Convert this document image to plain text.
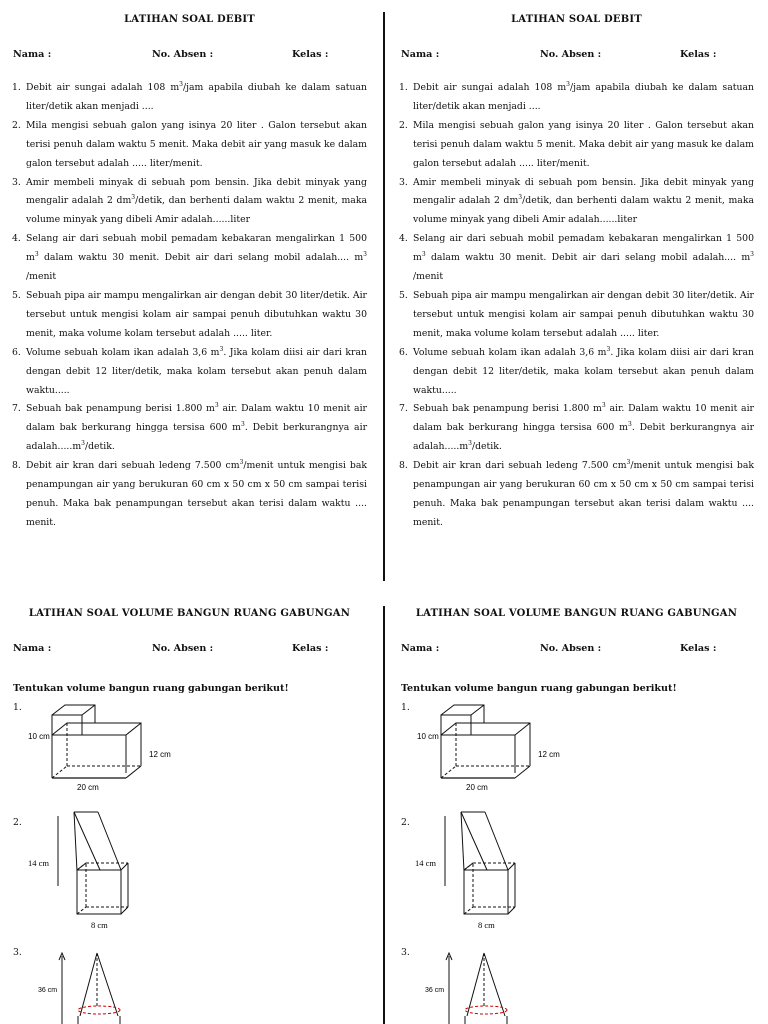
LATIHAN SOAL DEBIT
Nama :	No. Absen :	Kelas :
1. Debit air sungai adalah 108 $m^3$/jam apabila diubah ke dalam satuan liter/detik akan menjadi ....
2. Mila mengisi sebuah galon yang isinya 20 liter . Galon tersebut akan terisi penuh dalam waktu 5 menit. Maka debit air yang masuk ke dalam galon tersebut adalah ..... liter/menit.
3. Amir membeli minyak di sebuah pom bensin. Jika debit minyak yang mengalir adalah 2 $dm^3$/detik, dan berhenti dalam waktu 2 menit, maka volume minyak yang dibeli Amir adalah......liter
4. Selang air dari sebuah mobil pemadam kebakaran mengalirkan 1 500 $m^3$ dalam waktu 30 menit. Debit air dari selang mobil adalah.... $m^3$ /menit
5. Sebuah pipa air mampu mengalirkan air dengan debit 30 liter/detik. Air tersebut untuk mengisi kolam air sampai penuh dibutuhkan waktu 30 menit, maka volume kolam tersebut adalah ..... liter.
6. Volume sebuah kolam ikan adalah 3,6 $m^3$. Jika kolam diisi air dari kran dengan debit 12 liter/detik, maka kolam tersebut akan penuh dalam waktu.....
7. Sebuah bak penampung berisi 1.800 $m^3$ air. Dalam waktu 10 menit air dalam bak berkurang hingga tersisa 600 $m^3$. Debit berkurangnya air $adalah.....m^3$/detik.
8. Debit air kran dari sebuah ledeng 7.500 $cm^3$/menit untuk mengisi bak penampungan air yang berukuran 60 cm x 50 cm x 50 cm sampai terisi penuh. Maka bak penampungan tersebut akan terisi dalam waktu .... menit.
LATIHAN SOAL DEBIT
Nama :	No. Absen :	Kelas :
1. Debit air sungai adalah 108 $m^3$/jam apabila diubah ke dalam satuan liter/detik akan menjadi ....
2. Mila mengisi sebuah galon yang isinya 20 liter . Galon tersebut akan terisi penuh dalam waktu 5 menit. Maka debit air yang masuk ke dalam galon tersebut adalah ..... liter/menit.
3. Amir membeli minyak di sebuah pom bensin. Jika debit minyak yang mengalir adalah 2 $dm^3$/detik, dan berhenti dalam waktu 2 menit, maka volume minyak yang dibeli Amir adalah......liter
4. Selang air dari sebuah mobil pemadam kebakaran mengalirkan 1 500 $m^3$ dalam waktu 30 menit. Debit air dari selang mobil adalah.... $m^3$ /menit
5. Sebuah pipa air mampu mengalirkan air dengan debit 30 liter/detik. Air tersebut untuk mengisi kolam air sampai penuh dibutuhkan waktu 30 menit, maka volume kolam tersebut adalah ..... liter.
6. Volume sebuah kolam ikan adalah 3,6 $m^3$. Jika kolam diisi air dari kran dengan debit 12 liter/detik, maka kolam tersebut akan penuh dalam waktu.....
7. Sebuah bak penampung berisi 1.800 $m^3$ air. Dalam waktu 10 menit air dalam bak berkurang hingga tersisa 600 $m^3$. Debit berkurangnya air $adalah.....m^3$/detik.
8. Debit air kran dari sebuah ledeng 7.500 $cm^3$/menit untuk mengisi bak penampungan air yang berukuran 60 cm x 50 cm x 50 cm sampai terisi penuh. Maka bak penampungan tersebut akan terisi dalam waktu .... menit.
LATIHAN SOAL VOLUME BANGUN RUANG GABUNGAN
Nama :	No. Absen :	Kelas :
Tentukan volume bangun ruang gabungan berikut!
1.
10 cm
12 cm
20 cm
2.
14 cm
8 cm
3.
36 cm
LATIHAN SOAL VOLUME BANGUN RUANG GABUNGAN
Nama :	No. Absen :	Kelas :
Tentukan volume bangun ruang gabungan berikut!
1.
10 cm
12 cm
20 cm
2.
14 cm
8 cm
3.
36 cm
